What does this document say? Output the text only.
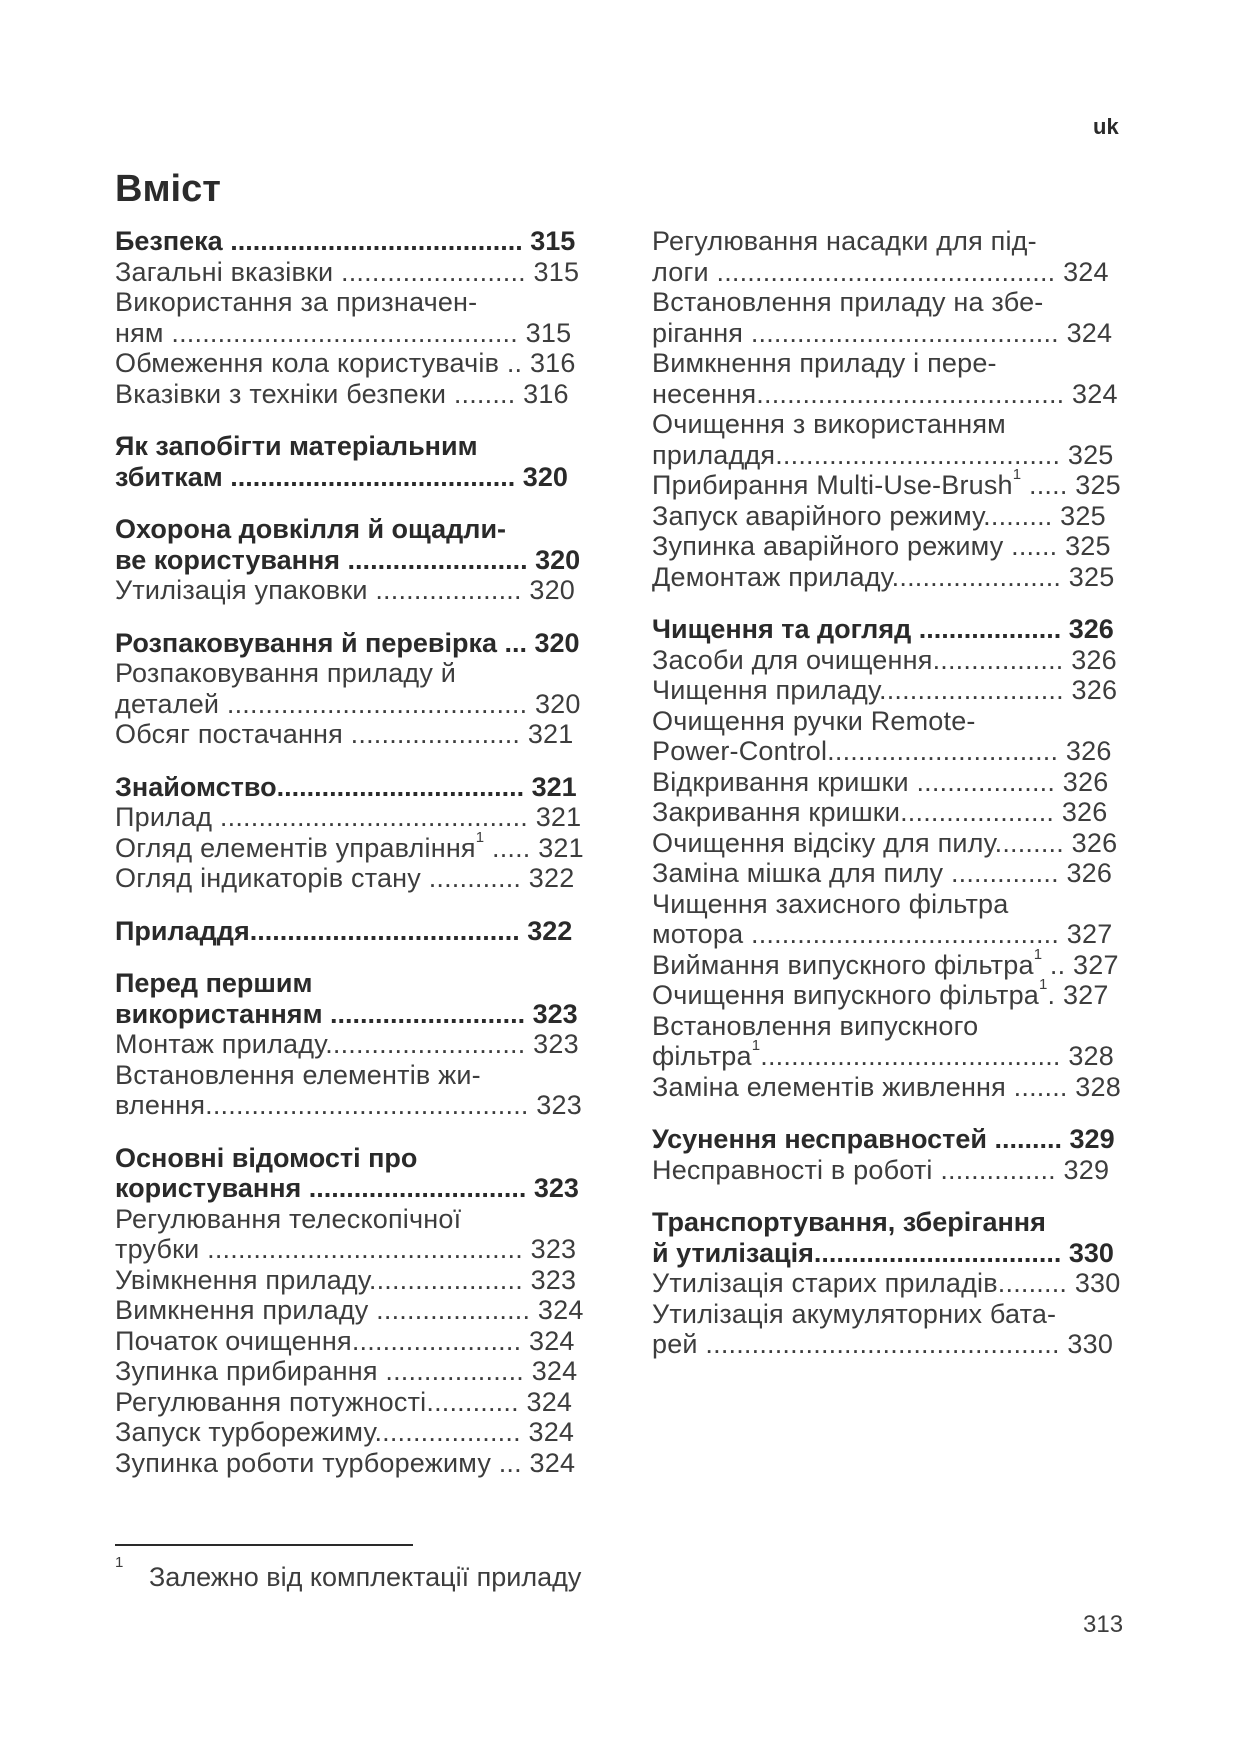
uk
Вміст
Безпека ....................................... 315
Загальні вказівки ........................ 315
Використання за призначен-
ням ............................................. 315
Обмеження кола користувачів .. 316
Вказівки з техніки безпеки ........ 316
Як запобігти матеріальним
збиткам ...................................... 320
Охорона довкілля й ощадли-
ве користування ........................ 320
Утилізація упаковки ................... 320
Розпаковування й перевірка ... 320
Розпаковування приладу й
деталей ....................................... 320
Обсяг постачання ...................... 321
Знайомство................................. 321
Прилад ........................................ 321
Огляд елементів управління$^1$ ..... 321
Огляд індикаторів стану ............ 322
Приладдя.................................... 322
Перед першим
використанням .......................... 323
Монтаж приладу.......................... 323
Встановлення елементів жи-
влення.......................................... 323
Основні відомості про
користування ............................. 323
Регулювання телескопічної
трубки ......................................... 323
Увімкнення приладу.................... 323
Вимкнення приладу .................... 324
Початок очищення...................... 324
Зупинка прибирання .................. 324
Регулювання потужності............ 324
Запуск турборежиму................... 324
Зупинка роботи турборежиму ... 324
Регулювання насадки для під-
логи ............................................ 324
Встановлення приладу на збе-
рігання ........................................ 324
Вимкнення приладу і пере-
несення........................................ 324
Очищення з використанням
приладдя..................................... 325
Прибирання Multi-Use-Brush$^1$ ..... 325
Запуск аварійного режиму......... 325
Зупинка аварійного режиму ...... 325
Демонтаж приладу...................... 325
Чищення та догляд ................... 326
Засоби для очищення................. 326
Чищення приладу........................ 326
Очищення ручки Remote-
Power-Control.............................. 326
Відкривання кришки .................. 326
Закривання кришки.................... 326
Очищення відсіку для пилу......... 326
Заміна мішка для пилу .............. 326
Чищення захисного фільтра
мотора ........................................ 327
Виймання випускного фільтра$^1$ .. 327
Очищення випускного фільтра$^1$. 327
Встановлення випускного
фільтра$^1$....................................... 328
Заміна елементів живлення ....... 328
Усунення несправностей ......... 329
Несправності в роботі ............... 329
Транспортування, зберігання
й утилізація................................. 330
Утилізація старих приладів......... 330
Утилізація акумуляторних бата-
рей .............................................. 330
1 Залежно від комплектації приладу
313
